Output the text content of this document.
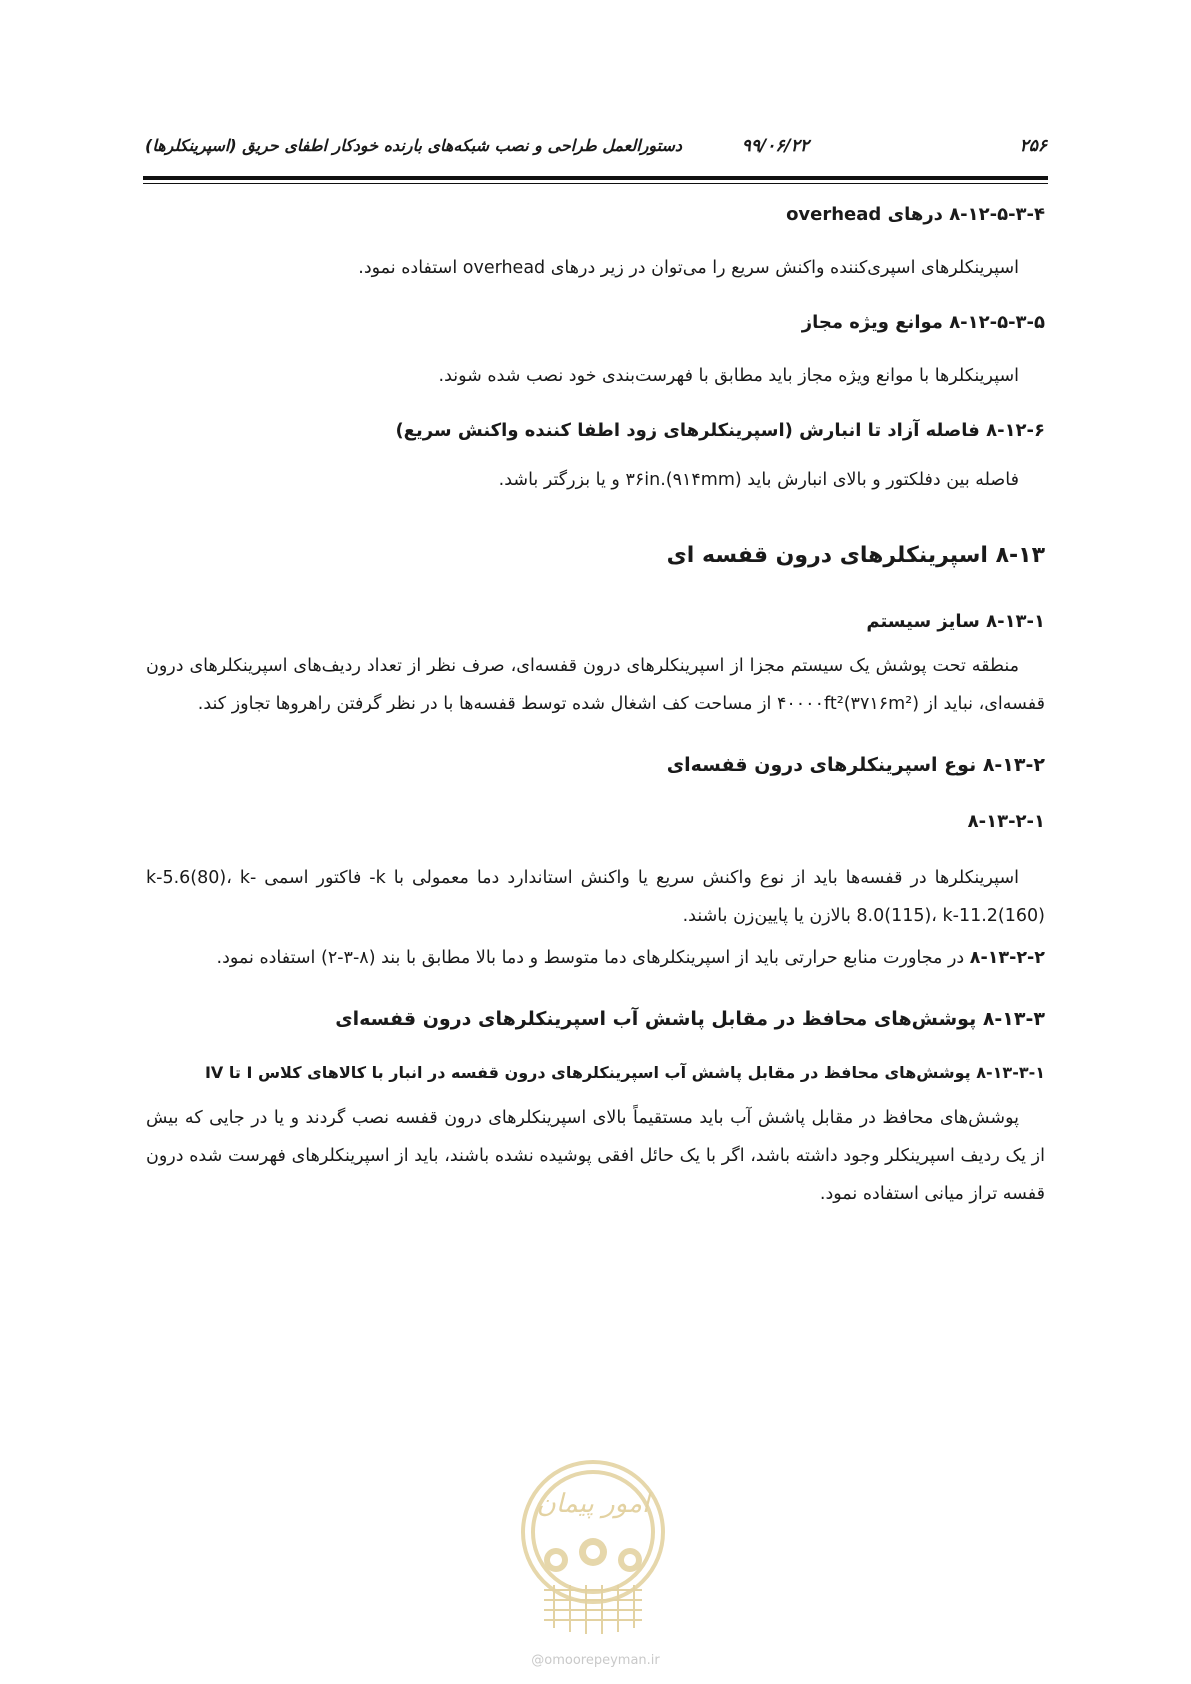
۲۵۶
۹۹/۰۶/۲۲
دستورالعمل طراحی و نصب شبکه‌های بارنده خودکار اطفای حریق (اسپرینکلرها)
۸-۱۲-۵-۳-۴ درهای overhead
اسپرینکلرهای اسپری‌کننده واکنش سریع را می‌توان در زیر درهای overhead استفاده نمود.
۸-۱۲-۵-۳-۵ موانع ویژه مجاز
اسپرینکلرها با موانع ویژه مجاز باید مطابق با فهرست‌بندی خود نصب شده شوند.
۸-۱۲-۶ فاصله آزاد تا انبارش (اسپرینکلرهای زود اطفا کننده واکنش سریع)
فاصله بین دفلکتور و بالای انبارش باید ۳۶in.(۹۱۴mm) و یا بزرگتر باشد.
۸-۱۳ اسپرینکلرهای درون قفسه ای
۸-۱۳-۱ سایز سیستم
منطقه تحت پوشش یک سیستم مجزا از اسپرینکلرهای درون قفسه‌ای، صرف نظر از تعداد ردیف‌های اسپرینکلرهای درون قفسه‌ای، نباید از ۴۰۰۰۰ft²(۳۷۱۶m²) از مساحت کف اشغال شده توسط قفسه‌ها با در نظر گرفتن راهروها تجاوز کند.
۸-۱۳-۲ نوع اسپرینکلرهای درون قفسه‌ای
۸-۱۳-۲-۱
اسپرینکلرها در قفسه‌ها باید از نوع واکنش سریع یا واکنش استاندارد دما معمولی با k- فاکتور اسمی k-5.6(80)، k-8.0(115)، k-11.2(160) بالازن یا پایین‌زن باشند.
۸-۱۳-۲-۲ در مجاورت منابع حرارتی باید از اسپرینکلرهای دما متوسط و دما بالا مطابق با بند (۸-۳-۲) استفاده نمود.
۸-۱۳-۳ پوشش‌های محافظ در مقابل پاشش آب اسپرینکلرهای درون قفسه‌ای
۸-۱۳-۳-۱ پوشش‌های محافظ در مقابل پاشش آب اسپرینکلرهای درون قفسه در انبار با کالاهای کلاس I تا IV
پوشش‌های محافظ در مقابل پاشش آب باید مستقیماً بالای اسپرینکلرهای درون قفسه نصب گردند و یا در جایی که بیش از یک ردیف اسپرینکلر وجود داشته باشد، اگر با یک حائل افقی پوشیده نشده باشند، باید از اسپرینکلرهای فهرست شده درون قفسه تراز میانی استفاده نمود.
امور پیمان
@omoorepeyman.ir
